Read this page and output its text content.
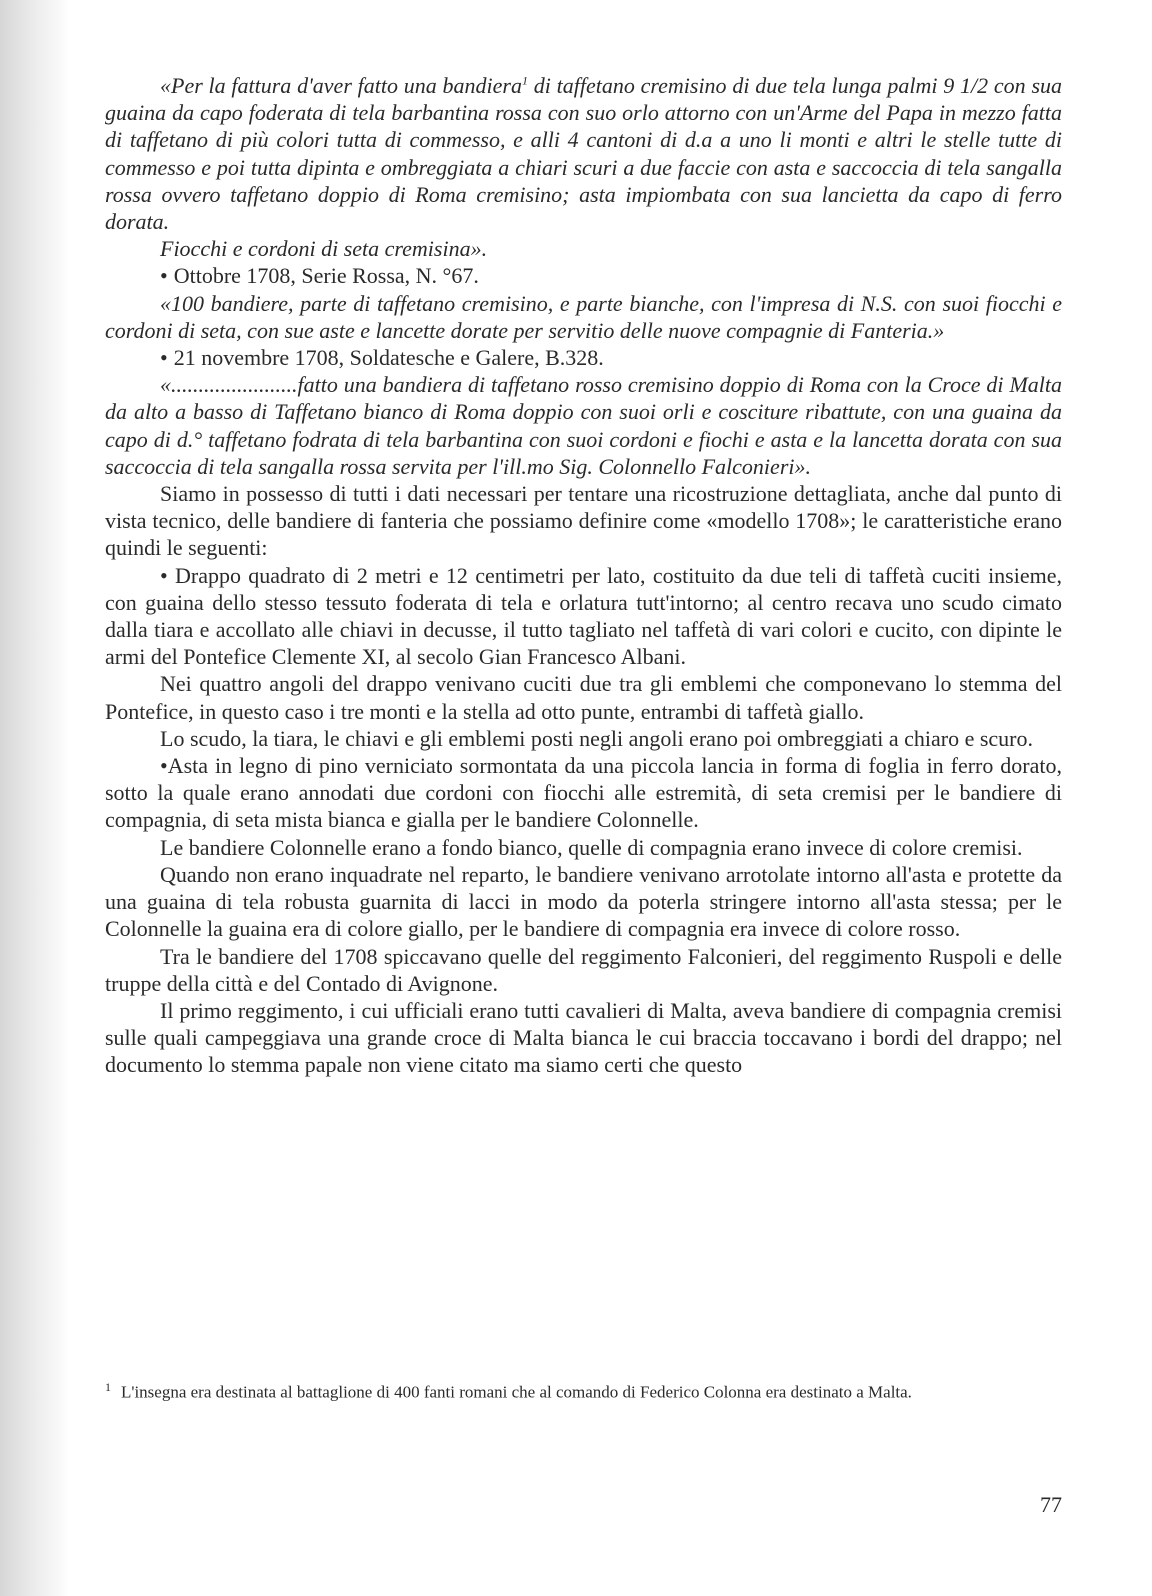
«Per la fattura d'aver fatto una bandiera$^1$ di taffetano cremisino di due tela lunga palmi 9 1/2 con sua guaina da capo foderata di tela barbantina rossa con suo orlo attorno con un'Arme del Papa in mezzo fatta di taffetano di più colori tutta di commesso, e alli 4 cantoni di d.a a uno li monti e altri le stelle tutte di commesso e poi tutta dipinta e ombreggiata a chiari scuri a due faccie con asta e saccoccia di tela sangalla rossa ovvero taffetano doppio di Roma cremisino; asta impiombata con sua lancietta da capo di ferro dorata.

Fiocchi e cordoni di seta cremisina».

• Ottobre 1708, Serie Rossa, N. °67.

«100 bandiere, parte di taffetano cremisino, e parte bianche, con l'impresa di N.S. con suoi fiocchi e cordoni di seta, con sue aste e lancette dorate per servitio delle nuove compagnie di Fanteria.»

• 21 novembre 1708, Soldatesche e Galere, B.328.

«.......................fatto una bandiera di taffetano rosso cremisino doppio di Roma con la Croce di Malta da alto a basso di Taffetano bianco di Roma doppio con suoi orli e cosciture ribattute, con una guaina da capo di d.° taffetano fodrata di tela barbantina con suoi cordoni e fiochi e asta e la lancetta dorata con sua saccoccia di tela sangalla rossa servita per l'ill.mo Sig. Colonnello Falconieri».

Siamo in possesso di tutti i dati necessari per tentare una ricostruzione dettagliata, anche dal punto di vista tecnico, delle bandiere di fanteria che possiamo definire come «modello 1708»; le caratteristiche erano quindi le seguenti:

• Drappo quadrato di 2 metri e 12 centimetri per lato, costituito da due teli di taffetà cuciti insieme, con guaina dello stesso tessuto foderata di tela e orlatura tutt'intorno; al centro recava uno scudo cimato dalla tiara e accollato alle chiavi in decusse, il tutto tagliato nel taffetà di vari colori e cucito, con dipinte le armi del Pontefice Clemente XI, al secolo Gian Francesco Albani.

Nei quattro angoli del drappo venivano cuciti due tra gli emblemi che componevano lo stemma del Pontefice, in questo caso i tre monti e la stella ad otto punte, entrambi di taffetà giallo.

Lo scudo, la tiara, le chiavi e gli emblemi posti negli angoli erano poi ombreggiati a chiaro e scuro.

•Asta in legno di pino verniciato sormontata da una piccola lancia in forma di foglia in ferro dorato, sotto la quale erano annodati due cordoni con fiocchi alle estremità, di seta cremisi per le bandiere di compagnia, di seta mista bianca e gialla per le bandiere Colonnelle.

Le bandiere Colonnelle erano a fondo bianco, quelle di compagnia erano invece di colore cremisi.

Quando non erano inquadrate nel reparto, le bandiere venivano arrotolate intorno all'asta e protette da una guaina di tela robusta guarnita di lacci in modo da poterla stringere intorno all'asta stessa; per le Colonnelle la guaina era di colore giallo, per le bandiere di compagnia era invece di colore rosso.

Tra le bandiere del 1708 spiccavano quelle del reggimento Falconieri, del reggimento Ruspoli e delle truppe della città e del Contado di Avignone.

Il primo reggimento, i cui ufficiali erano tutti cavalieri di Malta, aveva bandiere di compagnia cremisi sulle quali campeggiava una grande croce di Malta bianca le cui braccia toccavano i bordi del drappo; nel documento lo stemma papale non viene citato ma siamo certi che questo

$^1$ L'insegna era destinata al battaglione di 400 fanti romani che al comando di Federico Colonna era destinato a Malta.
77
